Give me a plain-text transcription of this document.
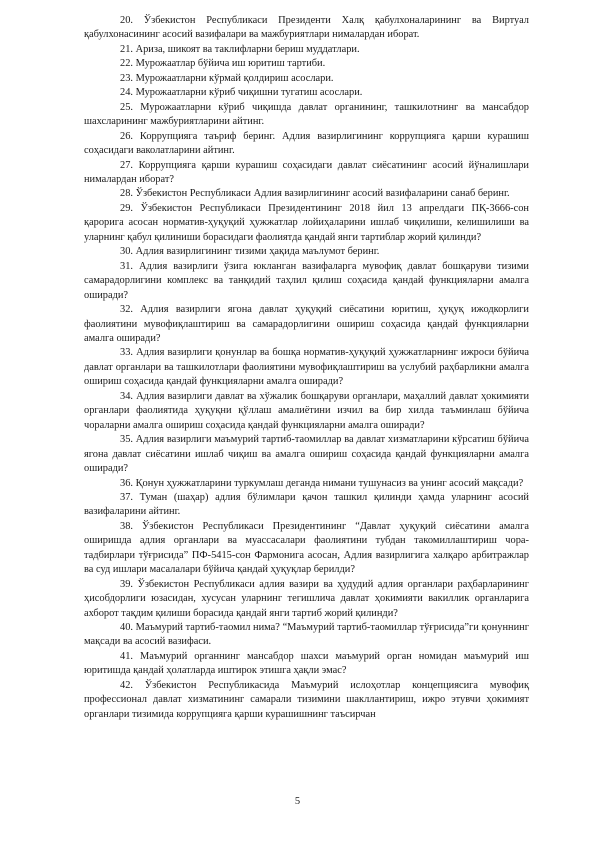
20. Ўзбекистон Республикаси Президенти Халқ қабулхоналарининг ва Виртуал қабулхонасининг асосий вазифалари ва мажбуриятлари нималардан иборат.

21. Ариза, шикоят ва таклифларни бериш муддатлари.

22. Мурожаатлар бўйича иш юритиш тартиби.

23. Мурожаатларни кўрмай қолдириш асослари.

24. Мурожаатларни кўриб чиқишни тугатиш асослари.

25. Мурожаатларни кўриб чиқишда давлат органининг, ташкилотнинг ва мансабдор шахсларининг мажбуриятларини айтинг.

26. Коррупцияга таъриф беринг. Адлия вазирлигининг коррупцияга қарши курашиш соҳасидаги ваколатларини айтинг.

27. Коррупцияга қарши курашиш соҳасидаги давлат сиёсатининг асосий йўналишлари нималардан иборат?

28. Ўзбекистон Республикаси Адлия вазирлигининг асосий вазифаларини санаб беринг.

29. Ўзбекистон Республикаси Президентининг 2018 йил 13 апрелдаги ПҚ-3666-сон қарорига асосан норматив-ҳуқуқий ҳужжатлар лойиҳаларини ишлаб чиқилиши, келишилиши ва уларнинг қабул қилиниши борасидаги фаолиятда қандай янги тартиблар жорий қилинди?

30. Адлия вазирлигининг тизими ҳақида маълумот беринг.

31. Адлия вазирлиги ўзига юкланган вазифаларга мувофиқ давлат бошқаруви тизими самарадорлигини комплекс ва танқидий таҳлил қилиш соҳасида қандай функцияларни амалга оширади?

32. Адлия вазирлиги ягона давлат ҳуқуқий сиёсатини юритиш, ҳуқуқ ижодкорлиги фаолиятини мувофиқлаштириш ва самарадорлигини ошириш соҳасида қандай функцияларни амалга оширади?

33. Адлия вазирлиги қонунлар ва бошқа норматив-ҳуқуқий ҳужжатларнинг ижроси бўйича давлат органлари ва ташкилотлари фаолиятини мувофиқлаштириш ва услубий раҳбарликни амалга ошириш соҳасида қандай функцияларни амалга оширади?

34. Адлия вазирлиги давлат ва хўжалик бошқаруви органлари, маҳаллий давлат ҳокимияти органлари фаолиятида ҳуқуқни қўллаш амалиётини изчил ва бир хилда таъминлаш бўйича чораларни амалга ошириш соҳасида қандай функцияларни амалга оширади?

35. Адлия вазирлиги маъмурий тартиб-таомиллар ва давлат хизматларини кўрсатиш бўйича ягона давлат сиёсатини ишлаб чиқиш ва амалга ошириш соҳасида қандай функцияларни амалга оширади?

36. Қонун ҳужжатларини туркумлаш деганда нимани тушунасиз ва унинг асосий мақсади?

37. Туман (шаҳар) адлия бўлимлари қачон ташкил қилинди ҳамда уларнинг асосий вазифаларини айтинг.

38. Ўзбекистон Республикаси Президентининг “Давлат ҳуқуқий сиёсатини амалга оширишда адлия органлари ва муассасалари фаолиятини тубдан такомиллаштириш чора-тадбирлари тўғрисида” ПФ-5415-сон Фармонига асосан, Адлия вазирлигига халқаро арбитражлар ва суд ишлари масалалари бўйича қандай ҳуқуқлар берилди?

39. Ўзбекистон Республикаси адлия вазири ва ҳудудий адлия органлари раҳбарларининг ҳисобдорлиги юзасидан, хусусан уларнинг тегишлича давлат ҳокимияти вакиллик органларига ахборот тақдим қилиши борасида қандай янги тартиб жорий қилинди?

40. Маъмурий тартиб-таомил нима? “Маъмурий тартиб-таомиллар тўғрисида”ги қонуннинг мақсади ва асосий вазифаси.

41. Маъмурий органнинг мансабдор шахси маъмурий орган номидан маъмурий иш юритишда қандай ҳолатларда иштирок этишга ҳақли эмас?

42. Ўзбекистон Республикасида Маъмурий ислоҳотлар концепциясига мувофиқ профессионал давлат хизматининг самарали тизимини шакллантириш, ижро этувчи ҳокимият органлари тизимида коррупцияга қарши курашишнинг таъсирчан

5
